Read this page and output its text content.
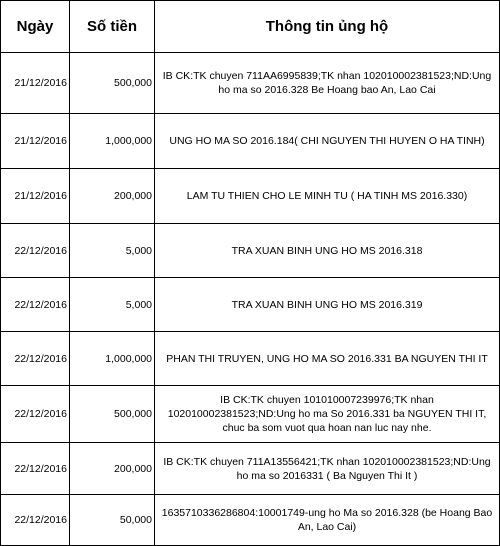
Ngày	Số tiền	Thông tin ủng hộ
21/12/2016	500,000	IB CK:TK chuyen 711AA6995839;TK nhan 102010002381523;ND:Ung ho ma so 2016.328 Be Hoang bao An, Lao Cai
21/12/2016	1,000,000	UNG HO MA SO 2016.184( CHI NGUYEN THI HUYEN O HA TINH)
21/12/2016	200,000	LAM TU THIEN CHO LE MINH TU ( HA TINH MS 2016.330)
22/12/2016	5,000	TRA XUAN BINH UNG HO MS 2016.318
22/12/2016	5,000	TRA XUAN BINH UNG HO MS 2016.319
22/12/2016	1,000,000	PHAN THI TRUYEN, UNG HO MA SO 2016.331 BA NGUYEN THI IT
22/12/2016	500,000	IB CK:TK chuyen 101010007239976;TK nhan 102010002381523;ND:Ung ho ma So 2016.331 ba NGUYEN THI IT, chuc ba som vuot qua hoan nan luc nay nhe.
22/12/2016	200,000	IB CK:TK chuyen 711A13556421;TK nhan 102010002381523;ND:Ung ho ma so 2016331 ( Ba Nguyen Thi It )
22/12/2016	50,000	1635710336286804:10001749-ung ho Ma so 2016.328 (be Hoang Bao An, Lao Cai)
